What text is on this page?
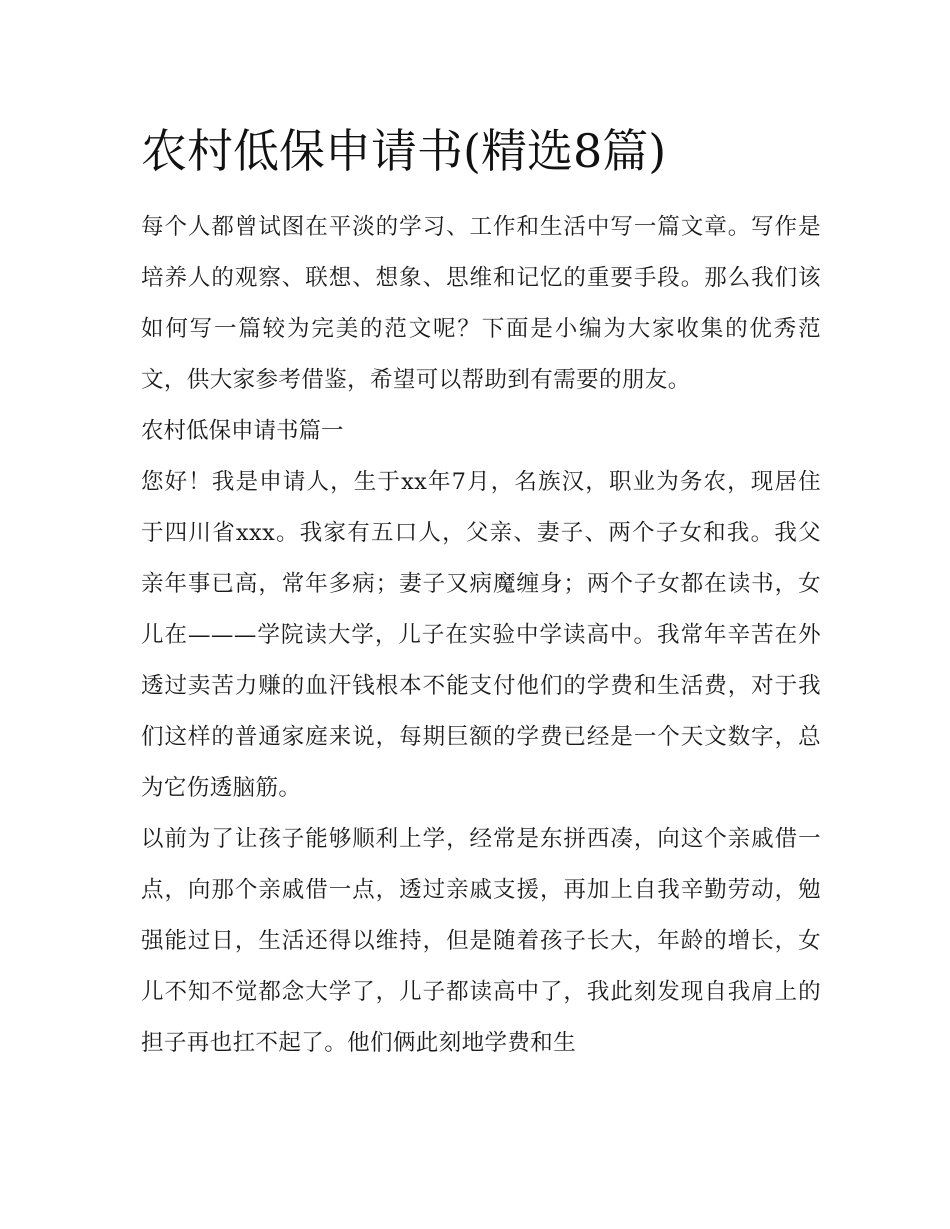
农村低保申请书(精选8篇)

每个人都曾试图在平淡的学习、工作和生活中写一篇文章。写作是培养人的观察、联想、想象、思维和记忆的重要手段。那么我们该如何写一篇较为完美的范文呢？下面是小编为大家收集的优秀范文，供大家参考借鉴，希望可以帮助到有需要的朋友。

农村低保申请书篇一

您好！我是申请人，生于xx年7月，名族汉，职业为务农，现居住于四川省xxx。我家有五口人，父亲、妻子、两个子女和我。我父亲年事已高，常年多病；妻子又病魔缠身；两个子女都在读书，女儿在———学院读大学，儿子在实验中学读高中。我常年辛苦在外透过卖苦力赚的血汗钱根本不能支付他们的学费和生活费，对于我们这样的普通家庭来说，每期巨额的学费已经是一个天文数字，总为它伤透脑筋。

以前为了让孩子能够顺利上学，经常是东拼西凑，向这个亲戚借一点，向那个亲戚借一点，透过亲戚支援，再加上自我辛勤劳动，勉强能过日，生活还得以维持，但是随着孩子长大，年龄的增长，女儿不知不觉都念大学了，儿子都读高中了，我此刻发现自我肩上的担子再也扛不起了。他们俩此刻地学费和生
